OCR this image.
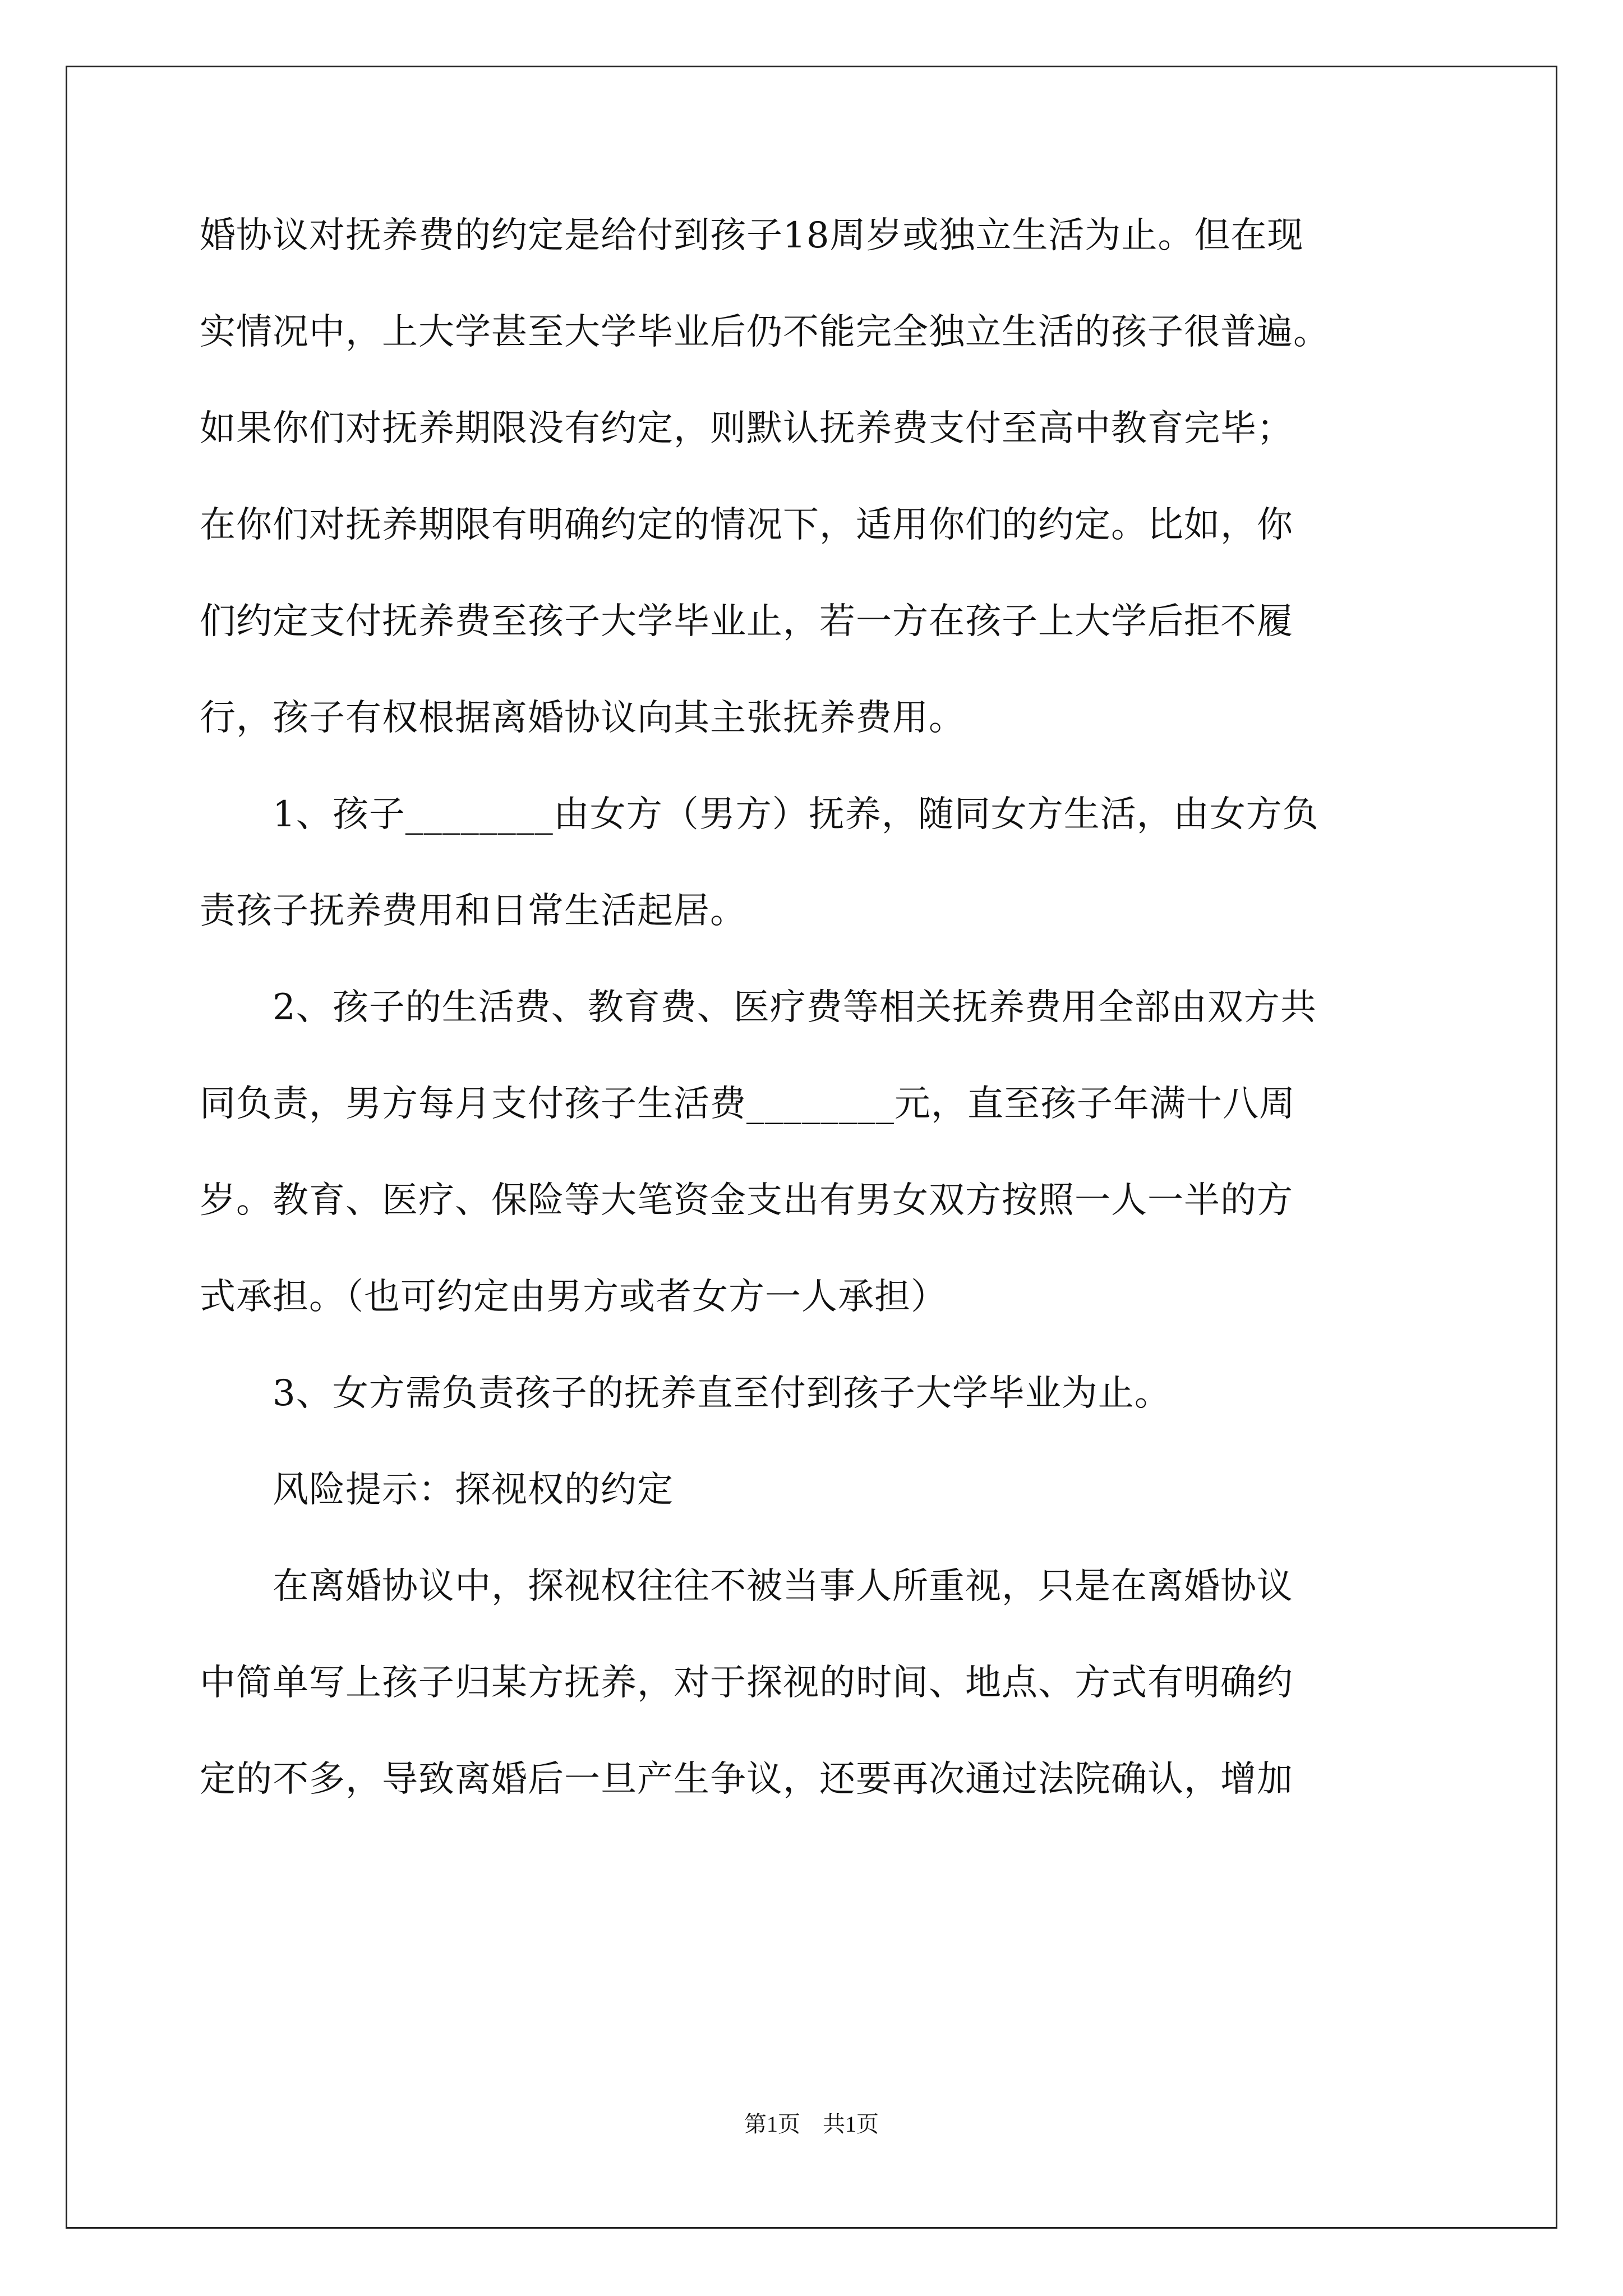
婚协议对抚养费的约定是给付到孩子18周岁或独立生活为止。但在现
实情况中，上大学甚至大学毕业后仍不能完全独立生活的孩子很普遍。
如果你们对抚养期限没有约定，则默认抚养费支付至高中教育完毕；
在你们对抚养期限有明确约定的情况下，适用你们的约定。比如，你
们约定支付抚养费至孩子大学毕业止，若一方在孩子上大学后拒不履
行，孩子有权根据离婚协议向其主张抚养费用。
　　1、孩子________由女方（男方）抚养，随同女方生活，由女方负
责孩子抚养费用和日常生活起居。
　　2、孩子的生活费、教育费、医疗费等相关抚养费用全部由双方共
同负责，男方每月支付孩子生活费________元，直至孩子年满十八周
岁。教育、医疗、保险等大笔资金支出有男女双方按照一人一半的方
式承担。（也可约定由男方或者女方一人承担）
　　3、女方需负责孩子的抚养直至付到孩子大学毕业为止。
　　风险提示：探视权的约定
　　在离婚协议中，探视权往往不被当事人所重视，只是在离婚协议
中简单写上孩子归某方抚养，对于探视的时间、地点、方式有明确约
定的不多，导致离婚后一旦产生争议，还要再次通过法院确认，增加
第1页　共1页
